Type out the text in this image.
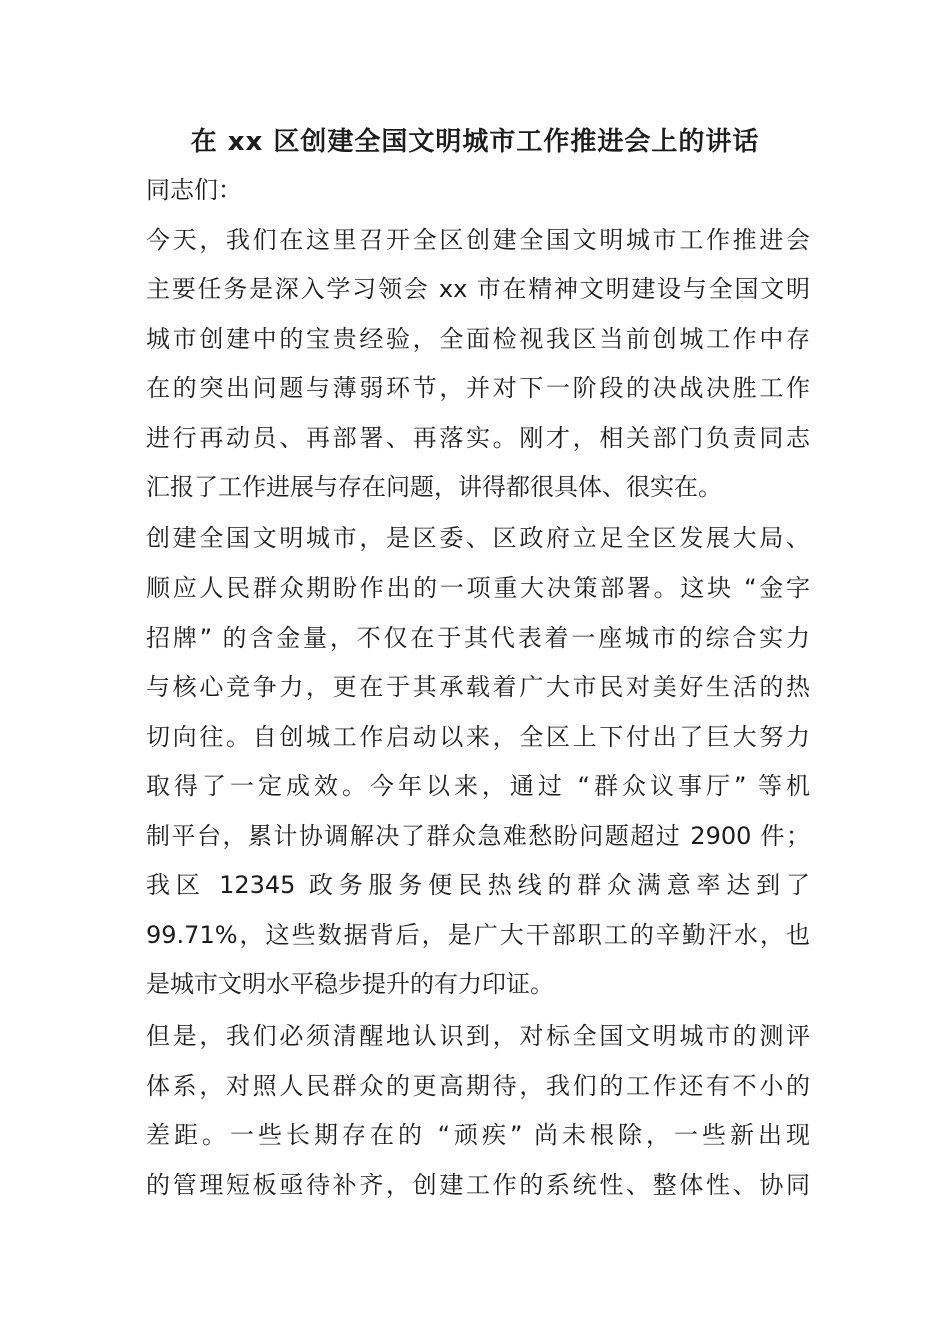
在 xx 区创建全国文明城市工作推进会上的讲话
同志们：
今天，我们在这里召开全区创建全国文明城市工作推进会
主要任务是深入学习领会 xx 市在精神文明建设与全国文明
城市创建中的宝贵经验，全面检视我区当前创城工作中存
在的突出问题与薄弱环节，并对下一阶段的决战决胜工作
进行再动员、再部署、再落实。刚才，相关部门负责同志
汇报了工作进展与存在问题，讲得都很具体、很实在。
创建全国文明城市，是区委、区政府立足全区发展大局、
顺应人民群众期盼作出的一项重大决策部署。这块 “金字
招牌” 的含金量，不仅在于其代表着一座城市的综合实力
与核心竞争力，更在于其承载着广大市民对美好生活的热
切向往。自创城工作启动以来，全区上下付出了巨大努力
取得了一定成效。今年以来，通过 “群众议事厅” 等机
制平台，累计协调解决了群众急难愁盼问题超过 2900 件；
我区 12345 政务服务便民热线的群众满意率达到了
99.71%，这些数据背后，是广大干部职工的辛勤汗水，也
是城市文明水平稳步提升的有力印证。
但是，我们必须清醒地认识到，对标全国文明城市的测评
体系，对照人民群众的更高期待，我们的工作还有不小的
差距。一些长期存在的 “顽疾” 尚未根除，一些新出现
的管理短板亟待补齐，创建工作的系统性、整体性、协同
